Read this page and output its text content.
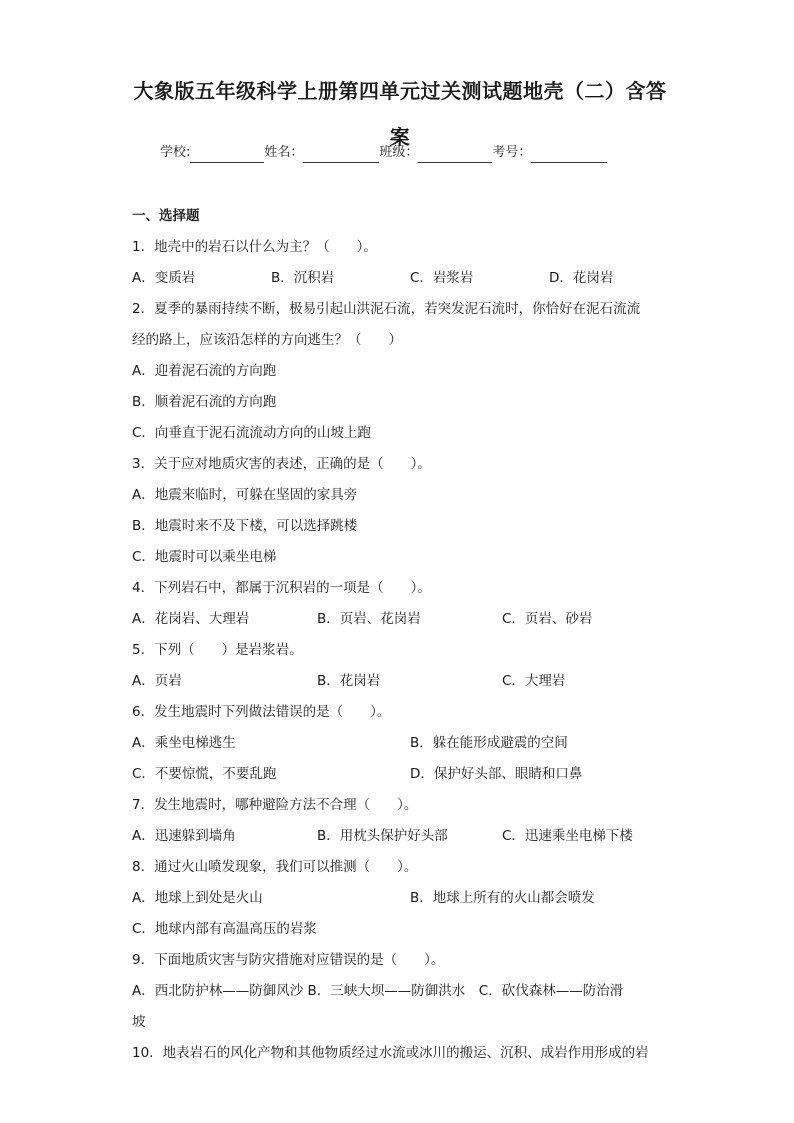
大象版五年级科学上册第四单元过关测试题地壳（二）含答
案
学校:	姓名：	班级：	考号：
一、选择题
1．地壳中的岩石以什么为主？（　　）。
A．变质岩	B．沉积岩	C．岩浆岩	D．花岗岩
2．夏季的暴雨持续不断，极易引起山洪泥石流，若突发泥石流时，你恰好在泥石流流
经的路上，应该沿怎样的方向逃生？（　　）
A．迎着泥石流的方向跑
B．顺着泥石流的方向跑
C．向垂直于泥石流流动方向的山坡上跑
3．关于应对地质灾害的表述，正确的是（　　）。
A．地震来临时，可躲在坚固的家具旁
B．地震时来不及下楼，可以选择跳楼
C．地震时可以乘坐电梯
4．下列岩石中，都属于沉积岩的一项是（　　）。
A．花岗岩、大理岩	B．页岩、花岗岩	C．页岩、砂岩
5．下列（　　）是岩浆岩。
A．页岩	B．花岗岩	C．大理岩
6．发生地震时下列做法错误的是（　　）。
A．乘坐电梯逃生	B．躲在能形成避震的空间
C．不要惊慌，不要乱跑	D．保护好头部、眼睛和口鼻
7．发生地震时，哪种避险方法不合理（　　）。
A．迅速躲到墙角	B．用枕头保护好头部	C．迅速乘坐电梯下楼
8．通过火山喷发现象，我们可以推测（　　）。
A．地球上到处是火山	B．地球上所有的火山都会喷发
C．地球内部有高温高压的岩浆
9．下面地质灾害与防灾措施对应错误的是（　　）。
A．西北防护林——防御风沙 B．三峡大坝——防御洪水　C．砍伐森林——防治滑
坡
10．地表岩石的风化产物和其他物质经过水流或冰川的搬运、沉积、成岩作用形成的岩
